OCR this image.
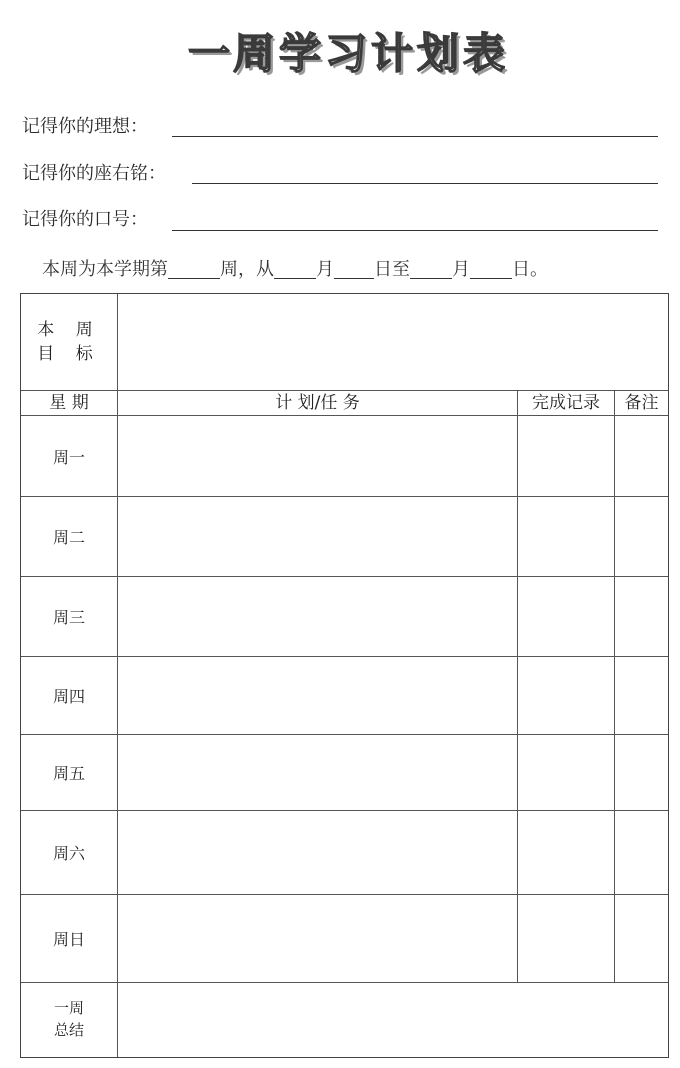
一 周 学 习 计 划 表
记得你的理想：
记得你的座右铭：
记得你的口号：
本周为本学期第	周，从 月 日至 月 日。
本 周
目 标
星 期	计 划/任 务	完成记录	备注
周一
周二
周三
周四
周五
周六
周日
一周
总结
